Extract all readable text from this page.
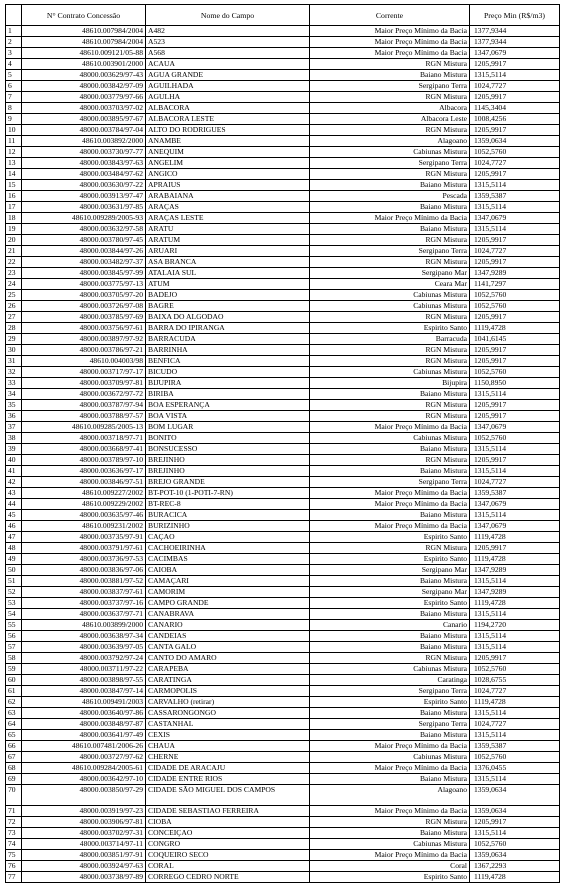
	N° Contrato Concessão	Nome do Campo	Corrente	Preço Min (R$/m3)
1	48610.007984/2004	A482	Maior Preço Mínimo da Bacia	1377,9344
2	48610.007984/2004	A523	Maior Preço Mínimo da Bacia	1377,9344
3	48610.009121/05-88	A568	Maior Preço Mínimo da Bacia	1347,0679
4	48610.003901/2000	ACAUA	RGN Mistura	1205,9917
5	48000.003629/97-43	AGUA GRANDE	Baiano Mistura	1315,5114
6	48000.003842/97-09	AGUILHADA	Sergipano Terra	1024,7727
7	48000.003779/97-66	AGULHA	RGN Mistura	1205,9917
8	48000.003703/97-02	ALBACORA	Albacora	1145,3404
9	48000.003895/97-67	ALBACORA LESTE	Albacora Leste	1008,4256
10	48000.003784/97-04	ALTO DO RODRIGUES	RGN Mistura	1205,9917
11	48610.003892/2000	ANAMBE	Alagoano	1359,0634
12	48000.003730/97-77	ANEQUIM	Cabiunas Mistura	1052,5760
13	48000.003843/97-63	ANGELIM	Sergipano Terra	1024,7727
14	48000.003484/97-62	ANGICO	RGN Mistura	1205,9917
15	48000.003630/97-22	APRAIUS	Baiano Mistura	1315,5114
16	48000.003913/97-47	ARABAIANA	Pescada	1359,5387
17	48000.003631/97-85	ARAÇAS	Baiano Mistura	1315,5114
18	48610.009289/2005-93	ARAÇAS LESTE	Maior Preço Mínimo da Bacia	1347,0679
19	48000.003632/97-58	ARATU	Baiano Mistura	1315,5114
20	48000.003780/97-45	ARATUM	RGN Mistura	1205,9917
21	48000.003844/97-26	ARUARI	Sergipano Terra	1024,7727
22	48000.003482/97-37	ASA BRANCA	RGN Mistura	1205,9917
23	48000.003845/97-99	ATALAIA SUL	Sergipano Mar	1347,9289
24	48000.003775/97-13	ATUM	Ceara Mar	1141,7297
25	48000.003705/97-20	BADEJO	Cabiunas Mistura	1052,5760
26	48000.003726/97-08	BAGRE	Cabiunas Mistura	1052,5760
27	48000.003785/97-69	BAIXA DO ALGODAO	RGN Mistura	1205,9917
28	48000.003756/97-61	BARRA DO IPIRANGA	Espirito Santo	1119,4728
29	48000.003897/97-92	BARRACUDA	Barracuda	1041,6145
30	48000.003786/97-21	BARRINHA	RGN Mistura	1205,9917
31	48610.004003/98	BENFICA	RGN Mistura	1205,9917
32	48000.003717/97-17	BICUDO	Cabiunas Mistura	1052,5760
33	48000.003709/97-81	BIJUPIRA	Bijupira	1150,8950
34	48000.003672/97-72	BIRIBA	Baiano Mistura	1315,5114
35	48000.003787/97-94	BOA ESPERANÇA	RGN Mistura	1205,9917
36	48000.003788/97-57	BOA VISTA	RGN Mistura	1205,9917
37	48610.009285/2005-13	BOM LUGAR	Maior Preço Mínimo da Bacia	1347,0679
38	48000.003718/97-71	BONITO	Cabiunas Mistura	1052,5760
39	48000.003668/97-41	BONSUCESSO	Baiano Mistura	1315,5114
40	48000.003789/97-10	BREJINHO	RGN Mistura	1205,9917
41	48000.003636/97-17	BREJINHO	Baiano Mistura	1315,5114
42	48000.003846/97-51	BREJO GRANDE	Sergipano Terra	1024,7727
43	48610.009227/2002	BT-POT-10 (1-POTI-7-RN)	Maior Preço Mínimo da Bacia	1359,5387
44	48610.009229/2002	BT-REC-8	Maior Preço Mínimo da Bacia	1347,0679
45	48000.003635/97-46	BURACICA	Baiano Mistura	1315,5114
46	48610.009231/2002	BURIZINHO	Maior Preço Mínimo da Bacia	1347,0679
47	48000.003735/97-91	CAÇAO	Espirito Santo	1119,4728
48	48000.003791/97-61	CACHOEIRINHA	RGN Mistura	1205,9917
49	48000.003736/97-53	CACIMBAS	Espirito Santo	1119,4728
50	48000.003836/97-06	CAIOBA	Sergipano Mar	1347,9289
51	48000.003881/97-52	CAMAÇARI	Baiano Mistura	1315,5114
52	48000.003837/97-61	CAMORIM	Sergipano Mar	1347,9289
53	48000.003737/97-16	CAMPO GRANDE	Espirito Santo	1119,4728
54	48000.003637/97-71	CANABRAVA	Baiano Mistura	1315,5114
55	48610.003899/2000	CANARIO	Canario	1194,2720
56	48000.003638/97-34	CANDEIAS	Baiano Mistura	1315,5114
57	48000.003639/97-05	CANTA GALO	Baiano Mistura	1315,5114
58	48000.003792/97-24	CANTO DO AMARO	RGN Mistura	1205,9917
59	48000.003711/97-22	CARAPEBA	Cabiunas Mistura	1052,5760
60	48000.003898/97-55	CARATINGA	Caratinga	1028,6755
61	48000.003847/97-14	CARMOPOLIS	Sergipano Terra	1024,7727
62	48610.009491/2003	CARVALHO (retirar)	Espirito Santo	1119,4728
63	48000.003640/97-86	CASSARONGONGO	Baiano Mistura	1315,5114
64	48000.003848/97-87	CASTANHAL	Sergipano Terra	1024,7727
65	48000.003641/97-49	CEXIS	Baiano Mistura	1315,5114
66	48610.007481/2006-26	CHAUA	Maior Preço Mínimo da Bacia	1359,5387
67	48000.003727/97-62	CHERNE	Cabiunas Mistura	1052,5760
68	48610.009284/2005-61	CIDADE DE ARACAJU	Maior Preço Mínimo da Bacia	1376,0455
69	48000.003642/97-10	CIDADE ENTRE RIOS	Baiano Mistura	1315,5114
70	48000.003850/97-29	CIDADE SÃO MIGUEL DOS CAMPOS	Alagoano	1359,0634
71	48000.003919/97-23	CIDADE SEBASTIAO FERREIRA	Maior Preço Mínimo da Bacia	1359,0634
72	48000.003906/97-81	CIOBA	RGN Mistura	1205,9917
73	48000.003702/97-31	CONCEIÇAO	Baiano Mistura	1315,5114
74	48000.003714/97-11	CONGRO	Cabiunas Mistura	1052,5760
75	48000.003851/97-91	COQUEIRO SECO	Maior Preço Mínimo da Bacia	1359,0634
76	48000.003924/97-63	CORAL	Coral	1367,2293
77	48000.003738/97-89	CORREGO CEDRO NORTE	Espirito Santo	1119,4728
